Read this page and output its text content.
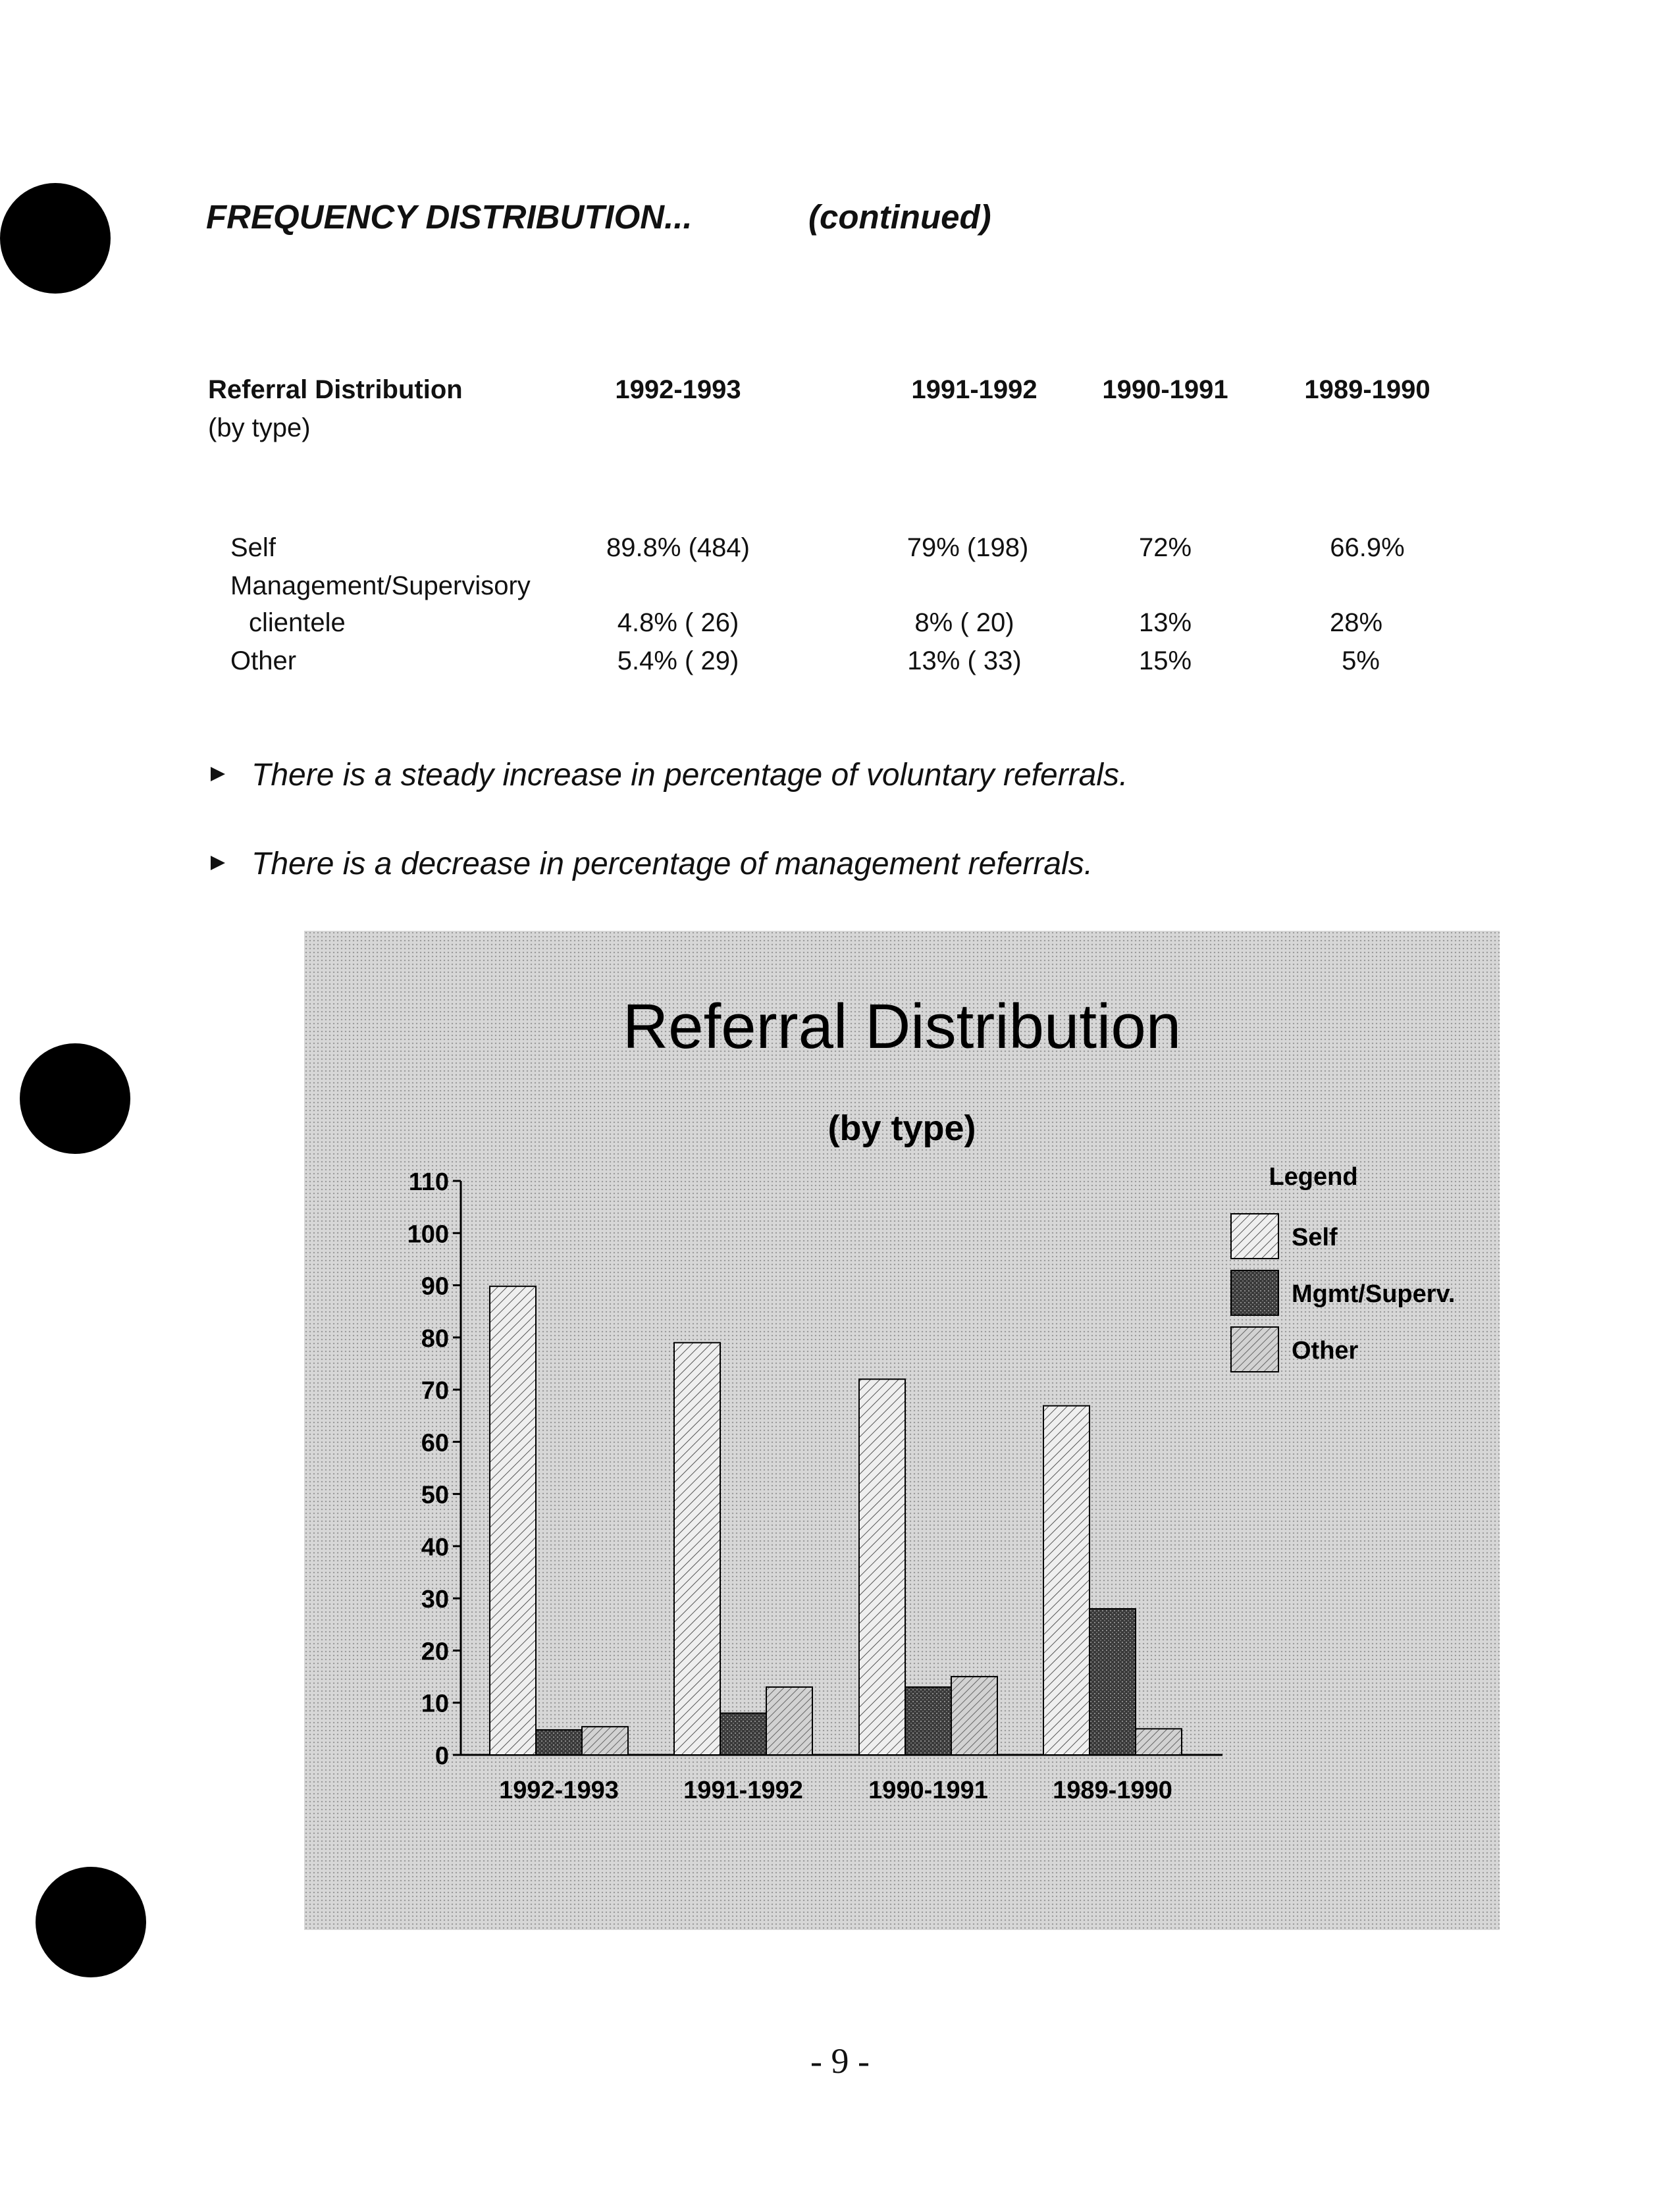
FREQUENCY DISTRIBUTION...	(continued)
Referral Distribution
(by type)
1992-1993	1991-1992	1990-1991	1989-1990
Self	89.8% (484)	79% (198)	72%	66.9%
Management/Supervisory
clientele	4.8% ( 26)	8% ( 20)	13%	28%
Other	5.4% ( 29)	13% ( 33)	15%	5%
There is a steady increase in percentage of voluntary referrals.
There is a decrease in percentage of management referrals.
Referral Distribution
(by type)
0
10
20
30
40
50
60
70
80
90
100
110
1992-1993	1991-1992	1990-1991	1989-1990
Legend
Self
Mgmt/Superv.
Other
- 9 -
